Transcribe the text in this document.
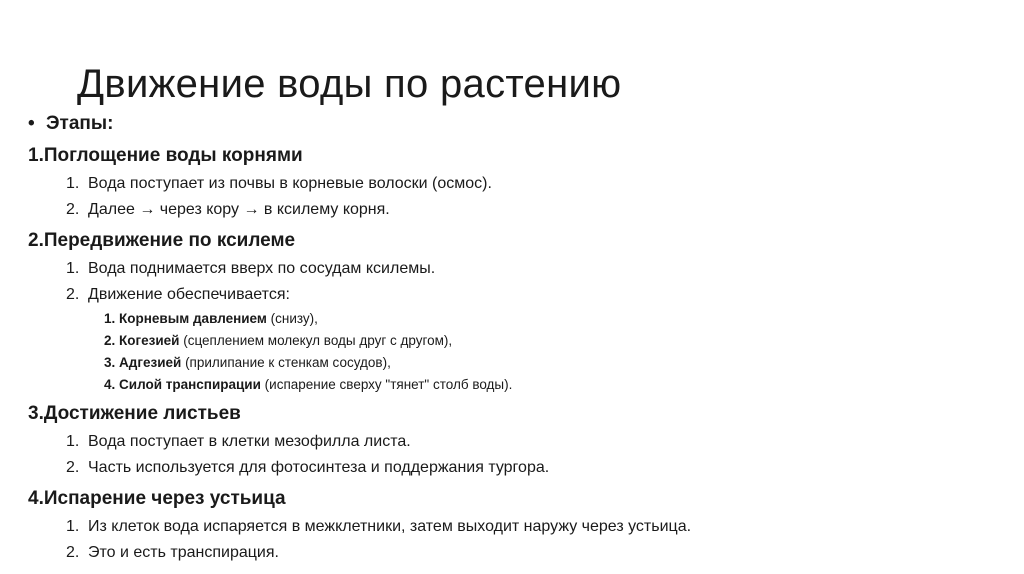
Движение воды по растению
• Этапы:
1.Поглощение воды корнями
1. Вода поступает из почвы в корневые волоски (осмос).
2. Далее → через кору → в ксилему корня.
2.Передвижение по ксилеме
1. Вода поднимается вверх по сосудам ксилемы.
2. Движение обеспечивается:
1. Корневым давлением (снизу),
2. Когезией (сцеплением молекул воды друг с другом),
3. Адгезией (прилипание к стенкам сосудов),
4. Силой транспирации (испарение сверху "тянет" столб воды).
3.Достижение листьев
1. Вода поступает в клетки мезофилла листа.
2. Часть используется для фотосинтеза и поддержания тургора.
4.Испарение через устьица
1. Из клеток вода испаряется в межклетники, затем выходит наружу через устьица.
2. Это и есть транспирация.
